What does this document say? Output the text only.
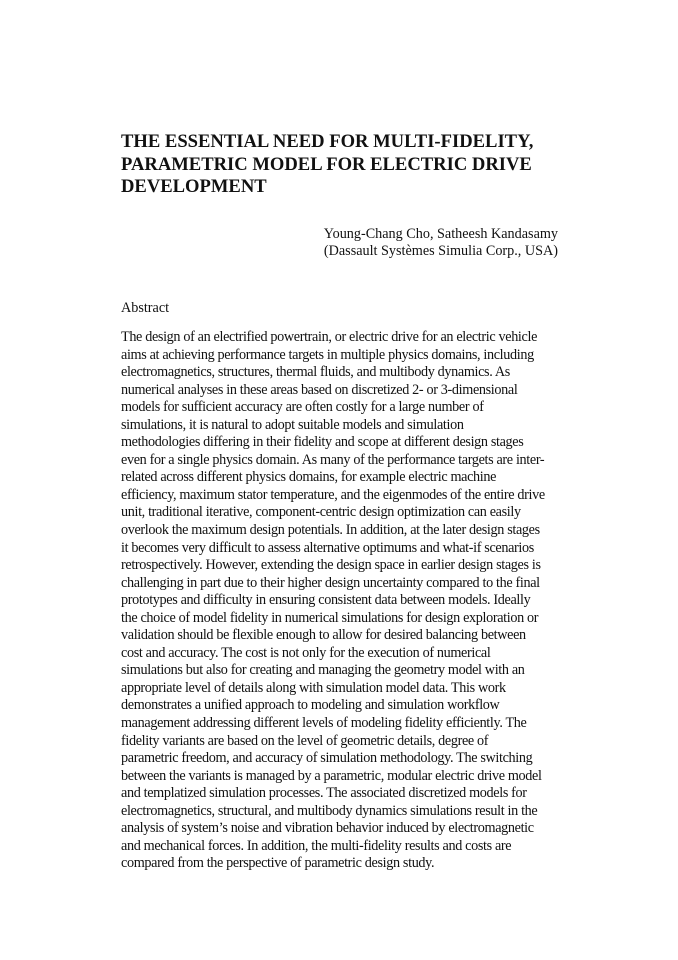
THE ESSENTIAL NEED FOR MULTI-FIDELITY,
PARAMETRIC MODEL FOR ELECTRIC DRIVE
DEVELOPMENT
Young-Chang Cho, Satheesh Kandasamy
(Dassault Systèmes Simulia Corp., USA)
Abstract
The design of an electrified powertrain, or electric drive for an electric vehicle
aims at achieving performance targets in multiple physics domains, including
electromagnetics, structures, thermal fluids, and multibody dynamics. As
numerical analyses in these areas based on discretized 2- or 3-dimensional
models for sufficient accuracy are often costly for a large number of
simulations, it is natural to adopt suitable models and simulation
methodologies differing in their fidelity and scope at different design stages
even for a single physics domain. As many of the performance targets are inter-
related across different physics domains, for example electric machine
efficiency, maximum stator temperature, and the eigenmodes of the entire drive
unit, traditional iterative, component-centric design optimization can easily
overlook the maximum design potentials. In addition, at the later design stages
it becomes very difficult to assess alternative optimums and what-if scenarios
retrospectively. However, extending the design space in earlier design stages is
challenging in part due to their higher design uncertainty compared to the final
prototypes and difficulty in ensuring consistent data between models. Ideally
the choice of model fidelity in numerical simulations for design exploration or
validation should be flexible enough to allow for desired balancing between
cost and accuracy. The cost is not only for the execution of numerical
simulations but also for creating and managing the geometry model with an
appropriate level of details along with simulation model data. This work
demonstrates a unified approach to modeling and simulation workflow
management addressing different levels of modeling fidelity efficiently. The
fidelity variants are based on the level of geometric details, degree of
parametric freedom, and accuracy of simulation methodology. The switching
between the variants is managed by a parametric, modular electric drive model
and templatized simulation processes. The associated discretized models for
electromagnetics, structural, and multibody dynamics simulations result in the
analysis of system’s noise and vibration behavior induced by electromagnetic
and mechanical forces. In addition, the multi-fidelity results and costs are
compared from the perspective of parametric design study.
